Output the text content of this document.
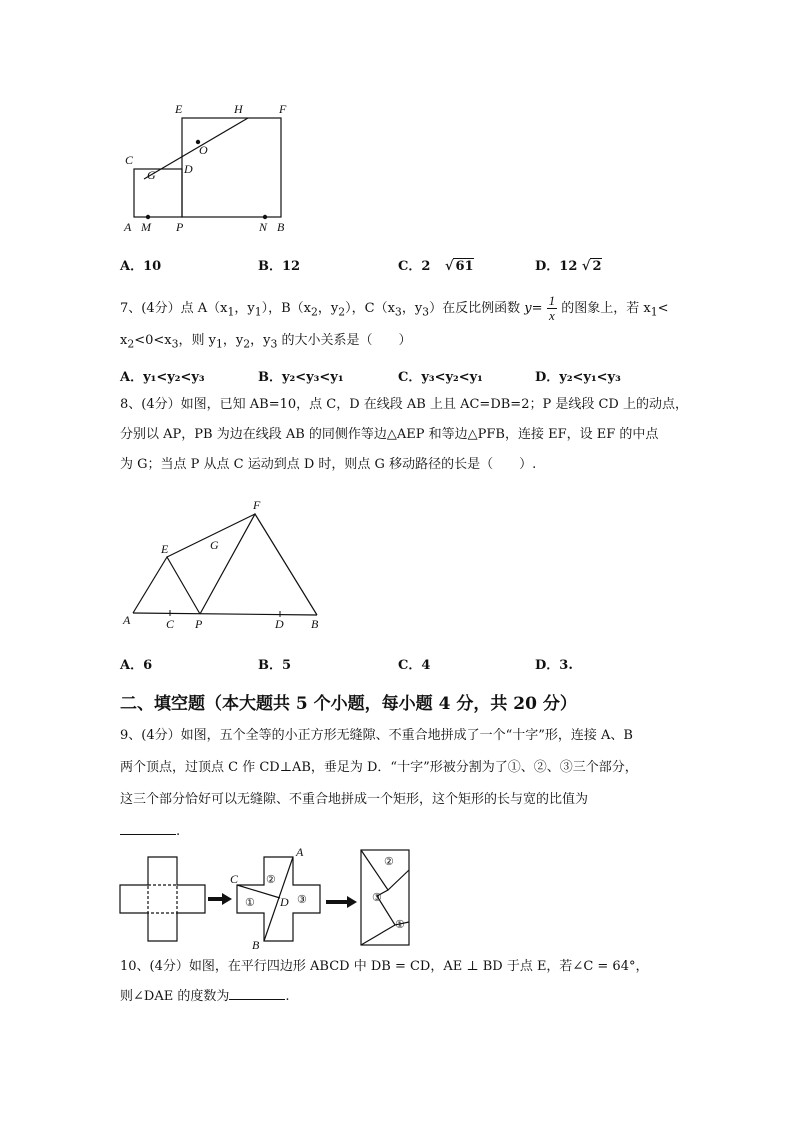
E	H	F
O
C
G D
A M P	N B
A．10	B．12	C．2 √ 61	D．12 √ 2
7、(4分）点 $A(x_1$，$y_1$），$B(x_2$，$y_2$），$C(x_3$，$y_3$）在反比例函数 $y= \frac{1}{x}$ 的图象上，若 $x_1<$
$x_2<0<x_3$，则 $y_1$，$y_2$，$y_3$ 的大小关系是（　　）
A．y₁<y₂<y₃	B．y₂<y₃<y₁	C．y₃<y₂<y₁	D．y₂<y₁<y₃
8、(4分）如图，已知 AB=10，点 C，D 在线段 AB 上且 AC=DB=2；P 是线段 CD 上的动点，
分别以 AP，PB 为边在线段 AB 的同侧作等边△AEP 和等边△PFB，连接 EF，设 EF 的中点
为 G；当点 P 从点 C 运动到点 D 时，则点 G 移动路径的长是（　　）.
F
E	G
A	C P	D B
A．6	B．5	C．4	D．3.
二、填空题（本大题共 5 个小题，每小题 4 分，共 20 分）
9、(4分）如图，五个全等的小正方形无缝隙、不重合地拼成了一个“十字”形，连接 A、B
两个顶点，过顶点 C 作 CD⊥AB，垂足为 D．“十字”形被分割为了①、②、③三个部分，
这三个部分恰好可以无缝隙、不重合地拼成一个矩形，这个矩形的长与宽的比值为
.
A
B
C
D
①
②
③
②
③
①
10、(4分）如图，在平行四边形 ABCD 中 DB = CD，AE ⊥ BD 于点 E，若∠C = 64°，
则∠DAE 的度数为	.
